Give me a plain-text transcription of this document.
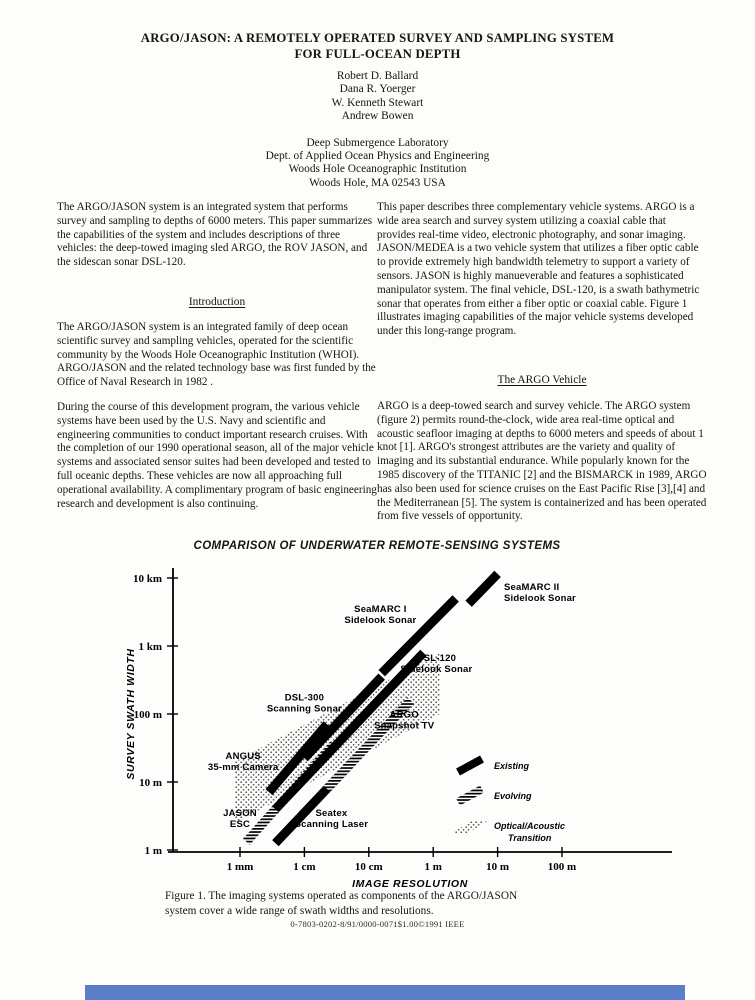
ARGO/JASON: A REMOTELY OPERATED SURVEY AND SAMPLING SYSTEM
FOR FULL-OCEAN DEPTH
Robert D. Ballard
Dana R. Yoerger
W. Kenneth Stewart
Andrew Bowen
Deep Submergence Laboratory
Dept. of Applied Ocean Physics and Engineering
Woods Hole Oceanographic Institution
Woods Hole, MA 02543 USA
The ARGO/JASON system is an integrated system that performs survey and sampling to depths of 6000 meters. This paper summarizes the capabilities of the system and includes descriptions of three vehicles: the deep-towed imaging sled ARGO, the ROV JASON, and the sidescan sonar DSL-120.
Introduction
The ARGO/JASON system is an integrated family of deep ocean scientific survey and sampling vehicles, operated for the scientific community by the Woods Hole Oceanographic Institution (WHOI). ARGO/JASON and the related technology base was first funded by the Office of Naval Research in 1982 .
During the course of this development program, the various vehicle systems have been used by the U.S. Navy and scientific and engineering communities to conduct important research cruises. With the completion of our 1990 operational season, all of the major vehicle systems and associated sensor suites had been developed and tested to full oceanic depths. These vehicles are now all approaching full operational availability. A complimentary program of basic engineering research and development is also continuing.
This paper describes three complementary vehicle systems. ARGO is a wide area search and survey system utilizing a coaxial cable that provides real-time video, electronic photography, and sonar imaging. JASON/MEDEA is a two vehicle system that utilizes a fiber optic cable to provide extremely high bandwidth telemetry to support a variety of sensors. JASON is highly manueverable and features a sophisticated manipulator system. The final vehicle, DSL-120, is a swath bathymetric sonar that operates from either a fiber optic or coaxial cable. Figure 1 illustrates imaging capabilities of the major vehicle systems developed under this long-range program.
The ARGO Vehicle
ARGO is a deep-towed search and survey vehicle. The ARGO system (figure 2) permits round-the-clock, wide area real-time optical and acoustic seafloor imaging at depths to 6000 meters and speeds of about 1 knot [1]. ARGO's strongest attributes are the variety and quality of imaging and its substantial endurance. While popularly known for the 1985 discovery of the TITANIC [2] and the BISMARCK in 1989, ARGO has also been used for science cruises on the East Pacific Rise [3],[4] and the Mediterranean [5]. The system is containerized and has been operated from five vessels of opportunity.
COMPARISON OF UNDERWATER REMOTE-SENSING SYSTEMS
JASON
ESC
Seatex
Scanning Laser
ANGUS
35-mm Camera
DSL-300
Scanning Sonar
ARGO
Snapshot TV
DSL-120
Sidelook Sonar
SeaMARC I
Sidelook Sonar
SeaMARC II
Sidelook Sonar
1 mm	1 cm	10 cm	1 m	10 m	100 m
1 m
10 m
100 m
1 km
10 km
SURVEY SWATH WIDTH
IMAGE RESOLUTION
Existing
Evolving
Optical/Acoustic
Transition
Figure 1. The imaging systems operated as components of the ARGO/JASON
system cover a wide range of swath widths and resolutions.
0-7803-0202-8/91/0000-0071$1.00©1991 IEEE
